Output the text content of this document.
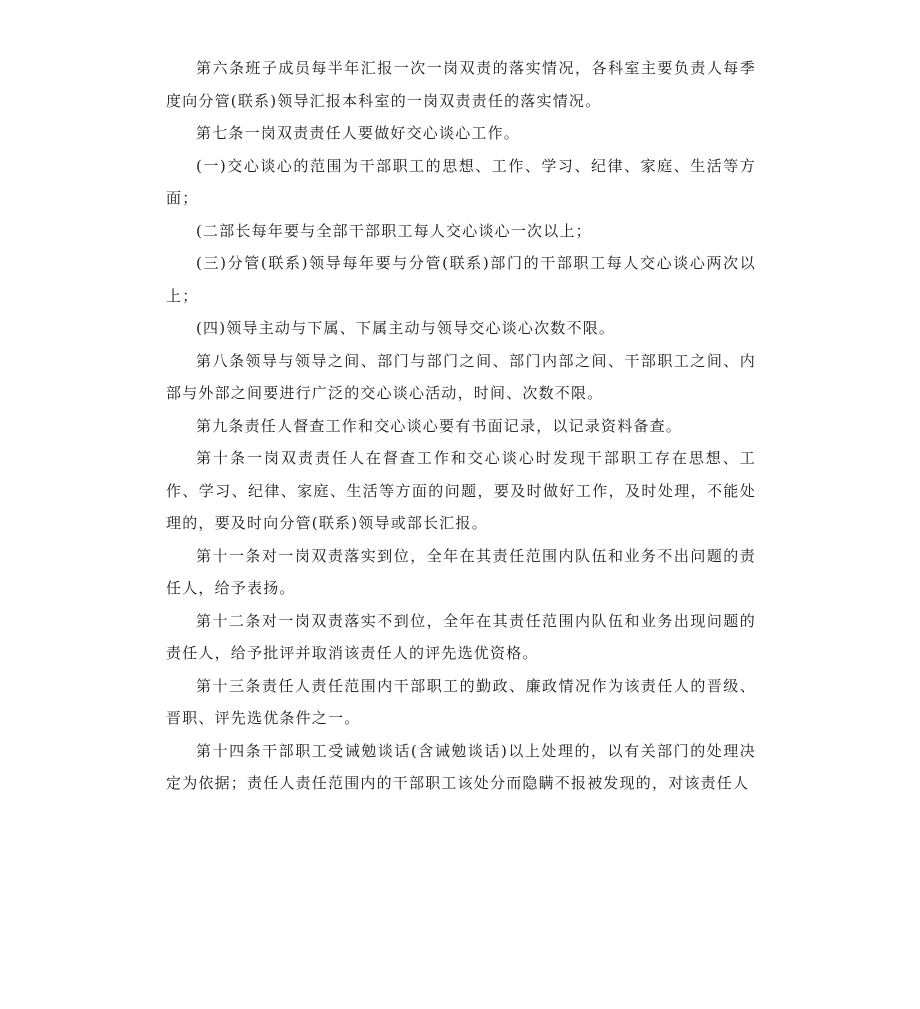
第六条班子成员每半年汇报一次一岗双责的落实情况，各科室主要负责人每季度向分管(联系)领导汇报本科室的一岗双责责任的落实情况。

第七条一岗双责责任人要做好交心谈心工作。

(一)交心谈心的范围为干部职工的思想、工作、学习、纪律、家庭、生活等方面；

(二部长每年要与全部干部职工每人交心谈心一次以上；

(三)分管(联系)领导每年要与分管(联系)部门的干部职工每人交心谈心两次以上；

(四)领导主动与下属、下属主动与领导交心谈心次数不限。

第八条领导与领导之间、部门与部门之间、部门内部之间、干部职工之间、内部与外部之间要进行广泛的交心谈心活动，时间、次数不限。

第九条责任人督查工作和交心谈心要有书面记录，以记录资料备查。

第十条一岗双责责任人在督查工作和交心谈心时发现干部职工存在思想、工作、学习、纪律、家庭、生活等方面的问题，要及时做好工作，及时处理，不能处理的，要及时向分管(联系)领导或部长汇报。

第十一条对一岗双责落实到位，全年在其责任范围内队伍和业务不出问题的责任人，给予表扬。

第十二条对一岗双责落实不到位，全年在其责任范围内队伍和业务出现问题的责任人，给予批评并取消该责任人的评先选优资格。

第十三条责任人责任范围内干部职工的勤政、廉政情况作为该责任人的晋级、晋职、评先选优条件之一。

第十四条干部职工受诫勉谈话(含诫勉谈话)以上处理的，以有关部门的处理决定为依据；责任人责任范围内的干部职工该处分而隐瞒不报被发现的，对该责任人
